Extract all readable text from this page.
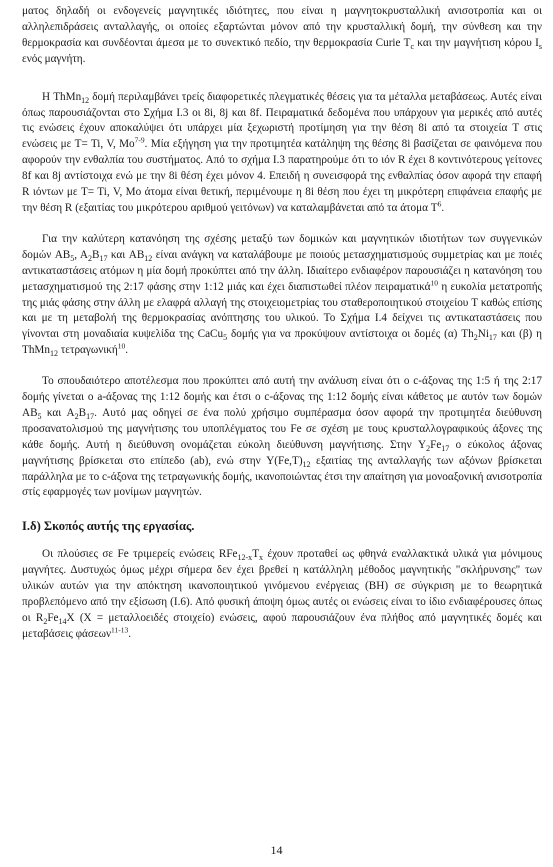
ματος δηλαδή οι ενδογενείς μαγνητικές ιδιότητες, που είναι η μαγνητοκρυσταλλική ανισοτροπία και οι αλληλεπιδράσεις ανταλλαγής, οι οποίες εξαρτώνται μόνον από την κρυσταλλική δομή, την σύνθεση και την θερμοκρασία και συνδέονται άμεσα με το συνεκτικό πεδίο, την θερμοκρασία Curie $T_c$ και την μαγνήτιση κόρου $I_s$ ενός μαγνήτη.

Η ThMn$_{12}$ δομή περιλαμβάνει τρείς διαφορετικές πλεγματικές θέσεις για τα μέταλλα μεταβάσεως. Αυτές είναι όπως παρουσιάζονται στο Σχήμα Ι.3 οι 8i, 8j και 8f. Πειραματικά δεδομένα που υπάρχουν για μερικές από αυτές τις ενώσεις έχουν αποκαλύψει ότι υπάρχει μία ξεχωριστή προτίμηση για την θέση 8i από τα στοιχεία T στις ενώσεις με T= Ti, V, Mo$^{7-9}$. Μία εξήγηση για την προτιμητέα κατάληψη της θέσης 8i βασίζεται σε φαινόμενα που αφορούν την ενθαλπία του συστήματος. Από το σχήμα Ι.3 παρατηρούμε ότι το ιόν R έχει 8 κοντινότερους γείτονες 8f και 8j αντίστοιχα ενώ με την 8i θέση έχει μόνον 4. Επειδή η συνεισφορά της ενθαλπίας όσον αφορά την επαφή R ιόντων με T= Ti, V, Mo άτομα είναι θετική, περιμένουμε η 8i θέση που έχει τη μικρότερη επιφάνεια επαφής με την θέση R (εξαιτίας του μικρότερου αριθμού γειτόνων) να καταλαμβάνεται από τα άτομα $T^6$.

Για την καλύτερη κατανόηση της σχέσης μεταξύ των δομικών και μαγνητικών ιδιοτήτων των συγγενικών δομών $AB_5$, $A_2B_{17}$ και $AB_{12}$ είναι ανάγκη να καταλάβουμε με ποιούς μετασχηματισμούς συμμετρίας και με ποιές αντικαταστάσεις ατόμων η μία δομή προκύπτει από την άλλη. Ιδιαίτερο ενδιαφέρον παρουσιάζει η κατανόηση του μετασχηματισμού της 2:17 φάσης στην 1:12 μιάς και έχει διαπιστωθεί πλέον πειραματικά$^{10}$ η ευκολία μετατροπής της μιάς φάσης στην άλλη με ελαφρά αλλαγή της στοιχειομετρίας του σταθεροποιητικού στοιχείου T καθώς επίσης και με τη μεταβολή της θερμοκρασίας ανόπτησης του υλικού. Το Σχήμα Ι.4 δείχνει τις αντικαταστάσεις που γίνονται στη μοναδιαία κυψελίδα της CaCu$_5$ δομής για να προκύψουν αντίστοιχα οι δομές (α) $Th_2Ni_{17}$ και (β) η ThMn$_{12}$ τετραγωνική$^{10}$.

Το σπουδαιότερο αποτέλεσμα που προκύπτει από αυτή την ανάλυση είναι ότι ο c-άξονας της 1:5 ή της 2:17 δομής γίνεται ο a-άξονας της 1:12 δομής και έτσι ο c-άξονας της 1:12 δομής είναι κάθετος με αυτόν των δομών $AB_5$ και $A_2B_{17}$. Αυτό μας οδηγεί σε ένα πολύ χρήσιμο συμπέρασμα όσον αφορά την προτιμητέα διεύθυνση προσανατολισμού της μαγνήτισης του υποπλέγματος του Fe σε σχέση με τους κρυσταλλογραφικούς άξονες της κάθε δομής. Αυτή η διεύθυνση ονομάζεται εύκολη διεύθυνση μαγνήτισης. Στην $Y_2Fe_{17}$ ο εύκολος άξονας μαγνήτισης βρίσκεται στο επίπεδο (ab), ενώ στην $Y(Fe,T)_{12}$ εξαιτίας της ανταλλαγής των αξόνων βρίσκεται παράλληλα με το c-άξονα της τετραγωνικής δομής, ικανοποιώντας έτσι την απαίτηση για μονοαξονική ανισοτροπία στίς εφαρμογές των μονίμων μαγνητών.

Ι.δ) Σκοπός αυτής της εργασίας.

Οι πλούσιες σε Fe τριμερείς ενώσεις $RFe_{12-x}T_x$ έχουν προταθεί ως φθηνά εναλλακτικά υλικά για μόνιμους μαγνήτες. Δυστυχώς όμως μέχρι σήμερα δεν έχει βρεθεί η κατάλληλη μέθοδος μαγνητικής "σκλήρυνσης" των υλικών αυτών για την απόκτηση ικανοποιητικού γινόμενου ενέργειας (BH) σε σύγκριση με το θεωρητικά προβλεπόμενο από την εξίσωση (Ι.6). Από φυσική άποψη όμως αυτές οι ενώσεις είναι το ίδιο ενδιαφέρουσες όπως οι $R_2Fe_{14}X$ (X = μεταλλοειδές στοιχείο) ενώσεις, αφού παρουσιάζουν ένα πλήθος από μαγνητικές δομές και μεταβάσεις φάσεων$^{11-13}$.

14
